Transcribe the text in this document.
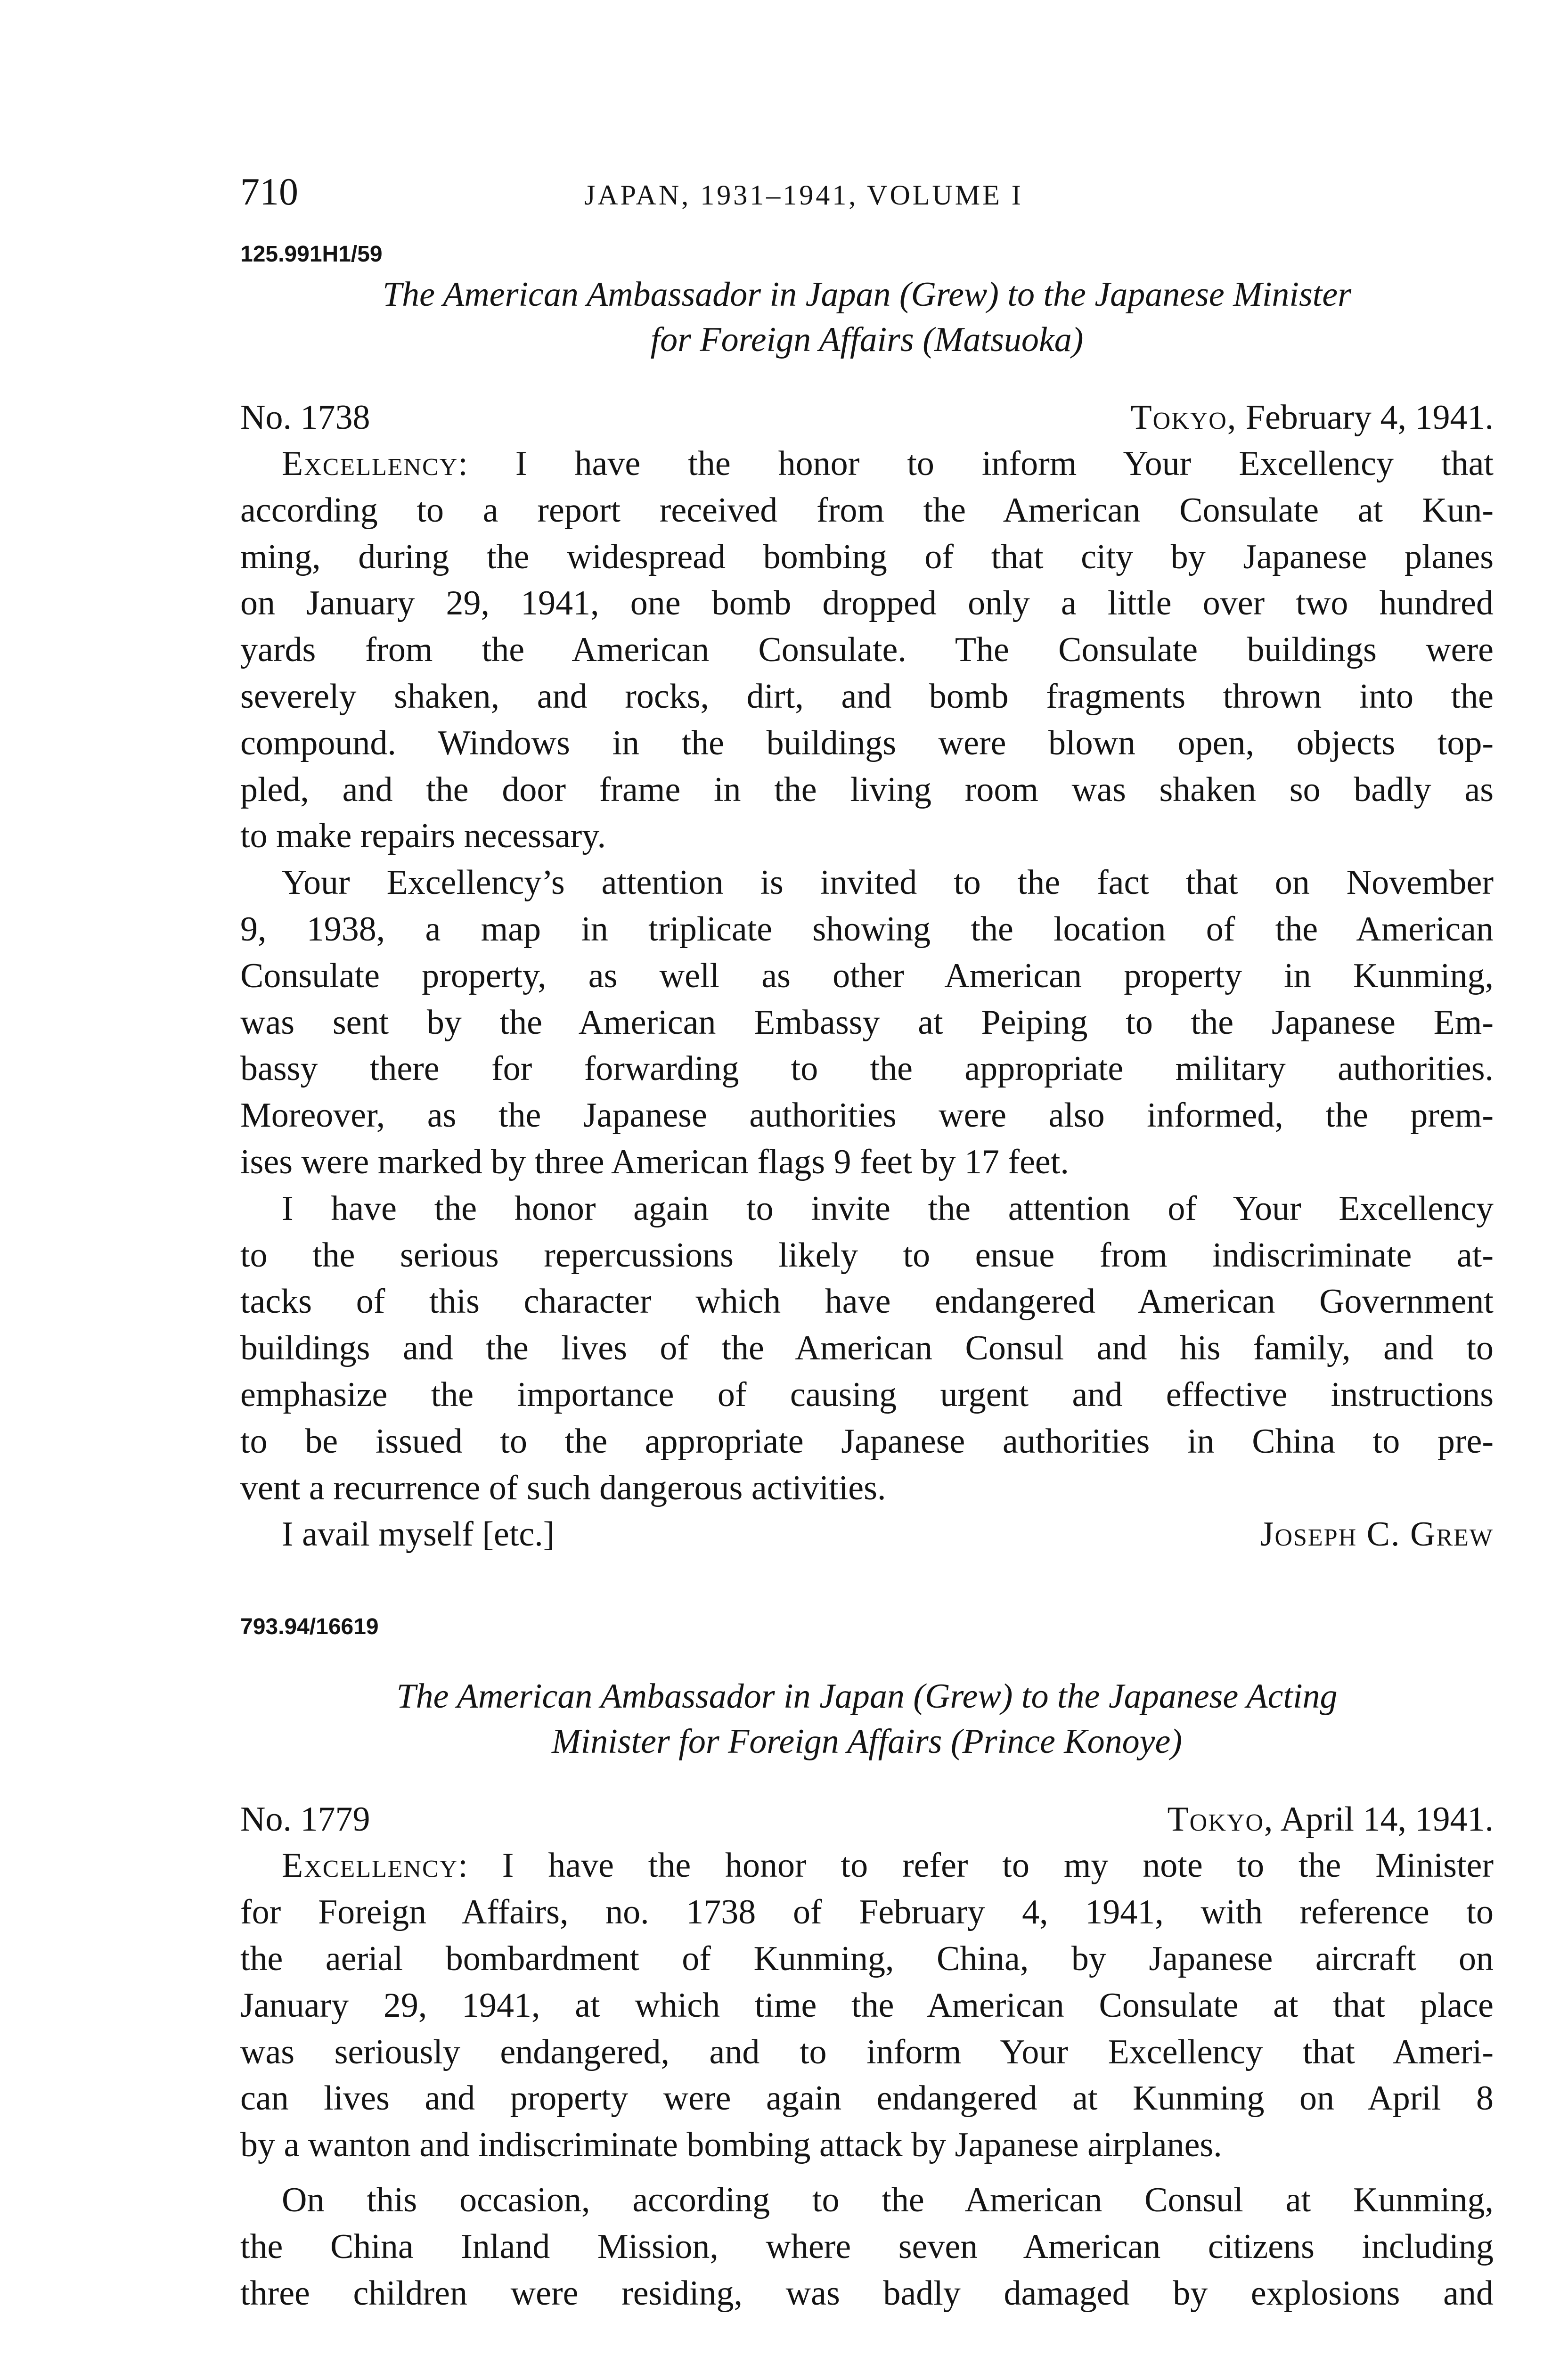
710	JAPAN, 1931–1941, VOLUME I
125.991H1/59
The American Ambassador in Japan (Grew) to the Japanese Minister
for Foreign Affairs (Matsuoka)
No. 1738	Tokyo, February 4, 1941.

Excellency: I have the honor to inform Your Excellency that
according to a report received from the American Consulate at Kun-
ming, during the widespread bombing of that city by Japanese planes
on January 29, 1941, one bomb dropped only a little over two hundred
yards from the American Consulate. The Consulate buildings were
severely shaken, and rocks, dirt, and bomb fragments thrown into the
compound. Windows in the buildings were blown open, objects top-
pled, and the door frame in the living room was shaken so badly as
to make repairs necessary.

Your Excellency’s attention is invited to the fact that on November
9, 1938, a map in triplicate showing the location of the American
Consulate property, as well as other American property in Kunming,
was sent by the American Embassy at Peiping to the Japanese Em-
bassy there for forwarding to the appropriate military authorities.
Moreover, as the Japanese authorities were also informed, the prem-
ises were marked by three American flags 9 feet by 17 feet.

I have the honor again to invite the attention of Your Excellency
to the serious repercussions likely to ensue from indiscriminate at-
tacks of this character which have endangered American Government
buildings and the lives of the American Consul and his family, and to
emphasize the importance of causing urgent and effective instructions
to be issued to the appropriate Japanese authorities in China to pre-
vent a recurrence of such dangerous activities.

I avail myself [etc.]	Joseph C. Grew
793.94/16619
The American Ambassador in Japan (Grew) to the Japanese Acting
Minister for Foreign Affairs (Prince Konoye)
No. 1779	Tokyo, April 14, 1941.

Excellency: I have the honor to refer to my note to the Minister
for Foreign Affairs, no. 1738 of February 4, 1941, with reference to
the aerial bombardment of Kunming, China, by Japanese aircraft on
January 29, 1941, at which time the American Consulate at that place
was seriously endangered, and to inform Your Excellency that Ameri-
can lives and property were again endangered at Kunming on April 8
by a wanton and indiscriminate bombing attack by Japanese airplanes.

On this occasion, according to the American Consul at Kunming,
the China Inland Mission, where seven American citizens including
three children were residing, was badly damaged by explosions and
